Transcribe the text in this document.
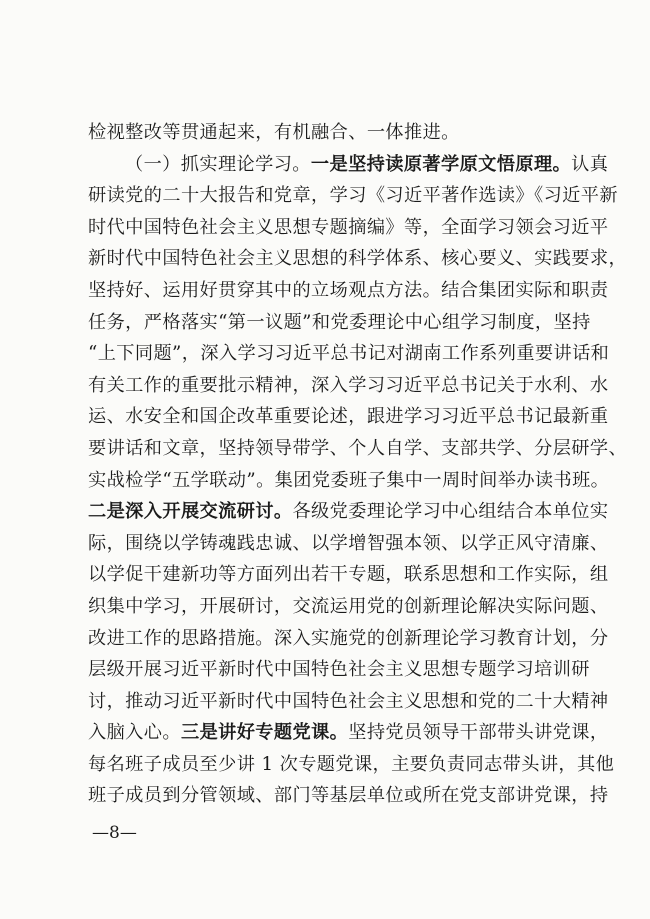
检视整改等贯通起来，有机融合、一体推进。
（一）抓实理论学习。一是坚持读原著学原文悟原理。认真
研读党的二十大报告和党章，学习《习近平著作选读》《习近平新
时代中国特色社会主义思想专题摘编》等，全面学习领会习近平
新时代中国特色社会主义思想的科学体系、核心要义、实践要求，
坚持好、运用好贯穿其中的立场观点方法。结合集团实际和职责
任务，严格落实“第一议题”和党委理论中心组学习制度，坚持
“上下同题”，深入学习习近平总书记对湖南工作系列重要讲话和
有关工作的重要批示精神，深入学习习近平总书记关于水利、水
运、水安全和国企改革重要论述，跟进学习习近平总书记最新重
要讲话和文章，坚持领导带学、个人自学、支部共学、分层研学、
实战检学“五学联动”。集团党委班子集中一周时间举办读书班。
二是深入开展交流研讨。各级党委理论学习中心组结合本单位实
际，围绕以学铸魂践忠诚、以学增智强本领、以学正风守清廉、
以学促干建新功等方面列出若干专题，联系思想和工作实际，组
织集中学习，开展研讨，交流运用党的创新理论解决实际问题、
改进工作的思路措施。深入实施党的创新理论学习教育计划，分
层级开展习近平新时代中国特色社会主义思想专题学习培训研
讨，推动习近平新时代中国特色社会主义思想和党的二十大精神
入脑入心。三是讲好专题党课。坚持党员领导干部带头讲党课，
每名班子成员至少讲 1 次专题党课，主要负责同志带头讲，其他
班子成员到分管领域、部门等基层单位或所在党支部讲党课，持
—8—
